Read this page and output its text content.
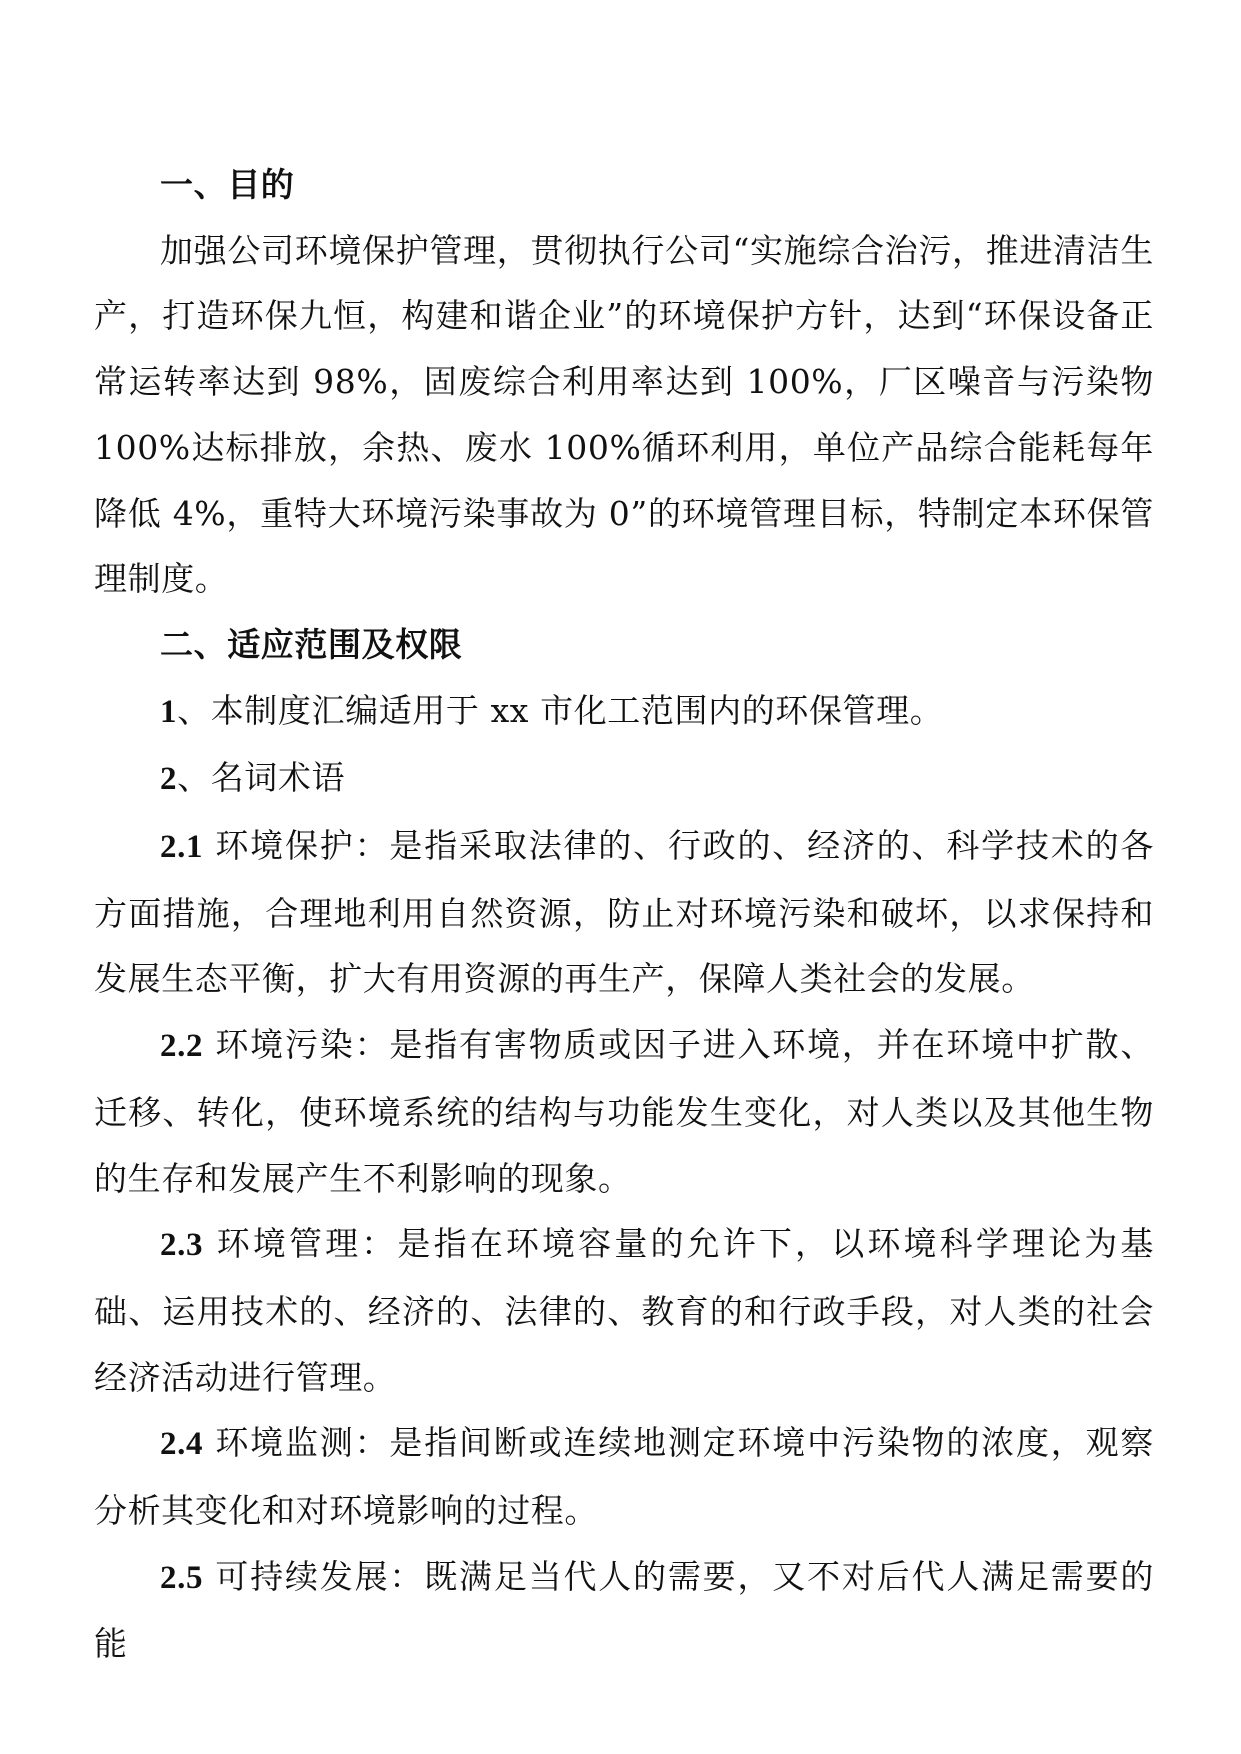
一、目的

加强公司环境保护管理，贯彻执行公司“实施综合治污，推进清洁生产，打造环保九恒，构建和谐企业”的环境保护方针，达到“环保设备正常运转率达到 98%，固废综合利用率达到 100%，厂区噪音与污染物 100%达标排放，余热、废水 100%循环利用，单位产品综合能耗每年降低 4%，重特大环境污染事故为 0”的环境管理目标，特制定本环保管理制度。

二、适应范围及权限

1、本制度汇编适用于 xx 市化工范围内的环保管理。

2、名词术语

2.1 环境保护：是指采取法律的、行政的、经济的、科学技术的各方面措施，合理地利用自然资源，防止对环境污染和破坏，以求保持和发展生态平衡，扩大有用资源的再生产，保障人类社会的发展。

2.2 环境污染：是指有害物质或因子进入环境，并在环境中扩散、迁移、转化，使环境系统的结构与功能发生变化，对人类以及其他生物的生存和发展产生不利影响的现象。

2.3 环境管理：是指在环境容量的允许下，以环境科学理论为基础、运用技术的、经济的、法律的、教育的和行政手段，对人类的社会经济活动进行管理。

2.4 环境监测：是指间断或连续地测定环境中污染物的浓度，观察分析其变化和对环境影响的过程。

2.5 可持续发展：既满足当代人的需要，又不对后代人满足需要的能
